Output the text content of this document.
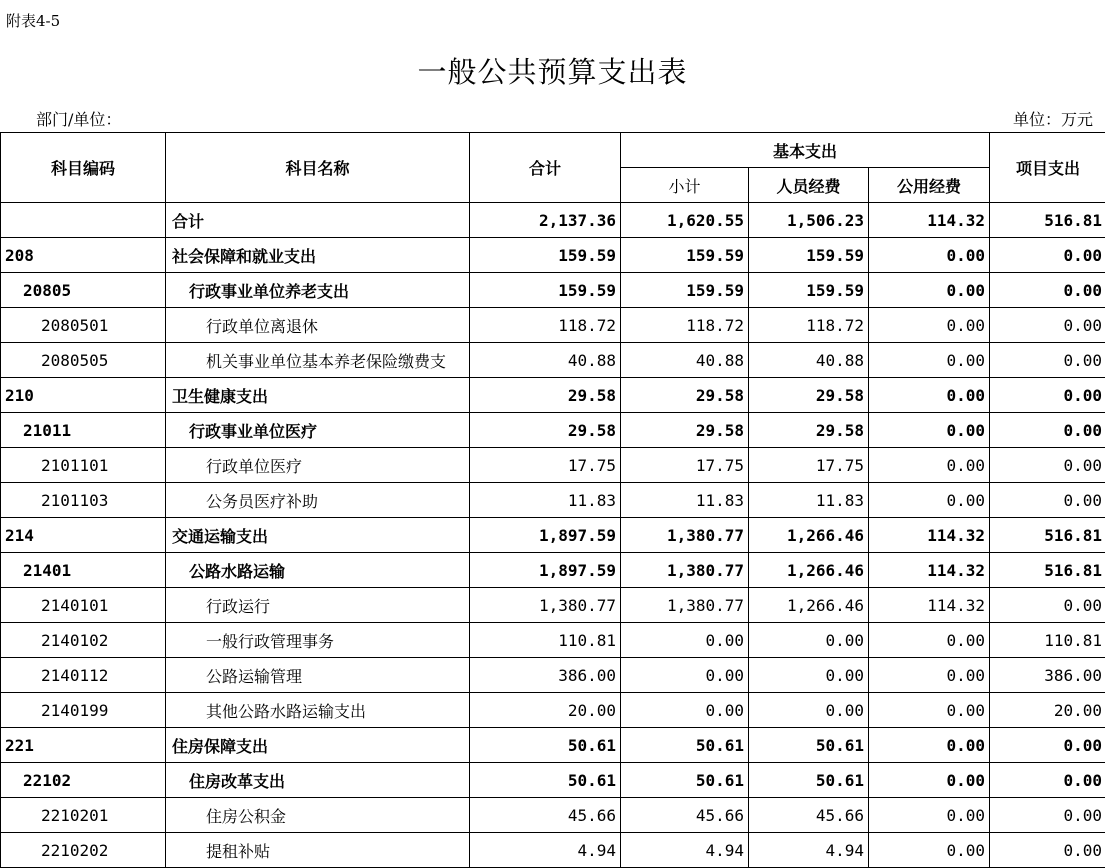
附表4-5
一般公共预算支出表
部门/单位：	单位：万元
科目编码	科目名称	合计	基本支出			项目支出
			小计	人员经费	公用经费	
	合计	2,137.36	1,620.55	1,506.23	114.32	516.81
208	社会保障和就业支出	159.59	159.59	159.59	0.00	0.00
20805	行政事业单位养老支出	159.59	159.59	159.59	0.00	0.00
2080501	行政单位离退休	118.72	118.72	118.72	0.00	0.00
2080505	机关事业单位基本养老保险缴费支	40.88	40.88	40.88	0.00	0.00
210	卫生健康支出	29.58	29.58	29.58	0.00	0.00
21011	行政事业单位医疗	29.58	29.58	29.58	0.00	0.00
2101101	行政单位医疗	17.75	17.75	17.75	0.00	0.00
2101103	公务员医疗补助	11.83	11.83	11.83	0.00	0.00
214	交通运输支出	1,897.59	1,380.77	1,266.46	114.32	516.81
21401	公路水路运输	1,897.59	1,380.77	1,266.46	114.32	516.81
2140101	行政运行	1,380.77	1,380.77	1,266.46	114.32	0.00
2140102	一般行政管理事务	110.81	0.00	0.00	0.00	110.81
2140112	公路运输管理	386.00	0.00	0.00	0.00	386.00
2140199	其他公路水路运输支出	20.00	0.00	0.00	0.00	20.00
221	住房保障支出	50.61	50.61	50.61	0.00	0.00
22102	住房改革支出	50.61	50.61	50.61	0.00	0.00
2210201	住房公积金	45.66	45.66	45.66	0.00	0.00
2210202	提租补贴	4.94	4.94	4.94	0.00	0.00
